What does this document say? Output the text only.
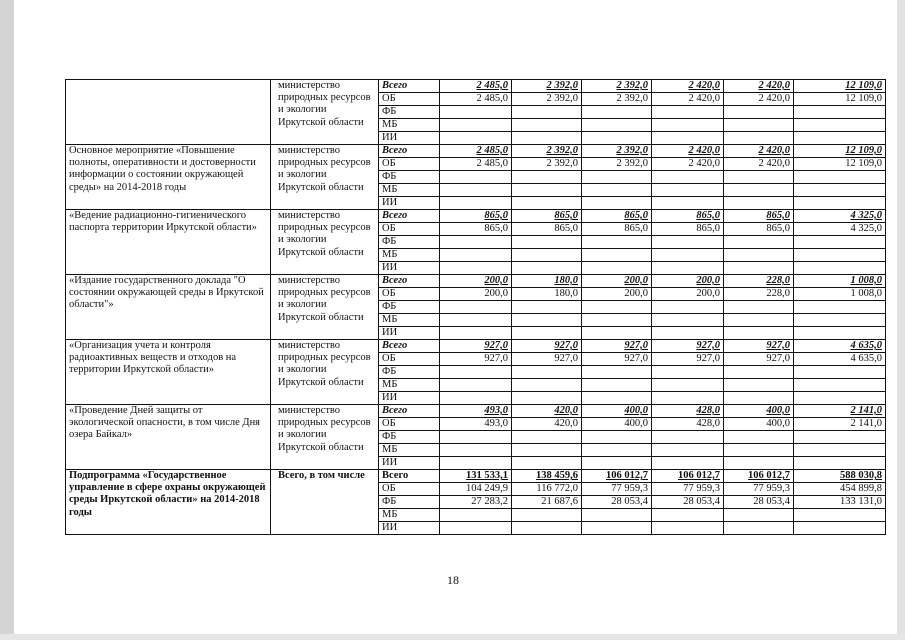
	министерство природных ресурсов и экологии Иркутской области	Всего	2 485,0	2 392,0	2 392,0	2 420,0	2 420,0	12 109,0
		ОБ	2 485,0	2 392,0	2 392,0	2 420,0	2 420,0	12 109,0
		ФБ						
		МБ						
		ИИ						
Основное мероприятие «Повышение полноты, оперативности и достоверности информации о состоянии окружающей среды» на 2014-2018 годы	министерство природных ресурсов и экологии Иркутской области	Всего	2 485,0	2 392,0	2 392,0	2 420,0	2 420,0	12 109,0
		ОБ	2 485,0	2 392,0	2 392,0	2 420,0	2 420,0	12 109,0
		ФБ						
		МБ						
		ИИ						
«Ведение радиационно-гигиенического паспорта территории Иркутской области»	министерство природных ресурсов и экологии Иркутской области	Всего	865,0	865,0	865,0	865,0	865,0	4 325,0
		ОБ	865,0	865,0	865,0	865,0	865,0	4 325,0
		ФБ						
		МБ						
		ИИ						
«Издание государственного доклада "О состоянии окружающей среды в Иркутской области"»	министерство природных ресурсов и экологии Иркутской области	Всего	200,0	180,0	200,0	200,0	228,0	1 008,0
		ОБ	200,0	180,0	200,0	200,0	228,0	1 008,0
		ФБ						
		МБ						
		ИИ						
«Организация учета и контроля радиоактивных веществ и отходов на территории Иркутской области»	министерство природных ресурсов и экологии Иркутской области	Всего	927,0	927,0	927,0	927,0	927,0	4 635,0
		ОБ	927,0	927,0	927,0	927,0	927,0	4 635,0
		ФБ						
		МБ						
		ИИ						
«Проведение Дней защиты от экологической опасности, в том числе Дня озера Байкал»	министерство природных ресурсов и экологии Иркутской области	Всего	493,0	420,0	400,0	428,0	400,0	2 141,0
		ОБ	493,0	420,0	400,0	428,0	400,0	2 141,0
		ФБ						
		МБ						
		ИИ						
Подпрограмма «Государственное управление в сфере охраны окружающей среды Иркутской области» на 2014-2018 годы	Всего, в том числе	Всего	131 533,1	138 459,6	106 012,7	106 012,7	106 012,7	588 030,8
		ОБ	104 249,9	116 772,0	77 959,3	77 959,3	77 959,3	454 899,8
		ФБ	27 283,2	21 687,6	28 053,4	28 053,4	28 053,4	133 131,0
		МБ						
		ИИ						
18
